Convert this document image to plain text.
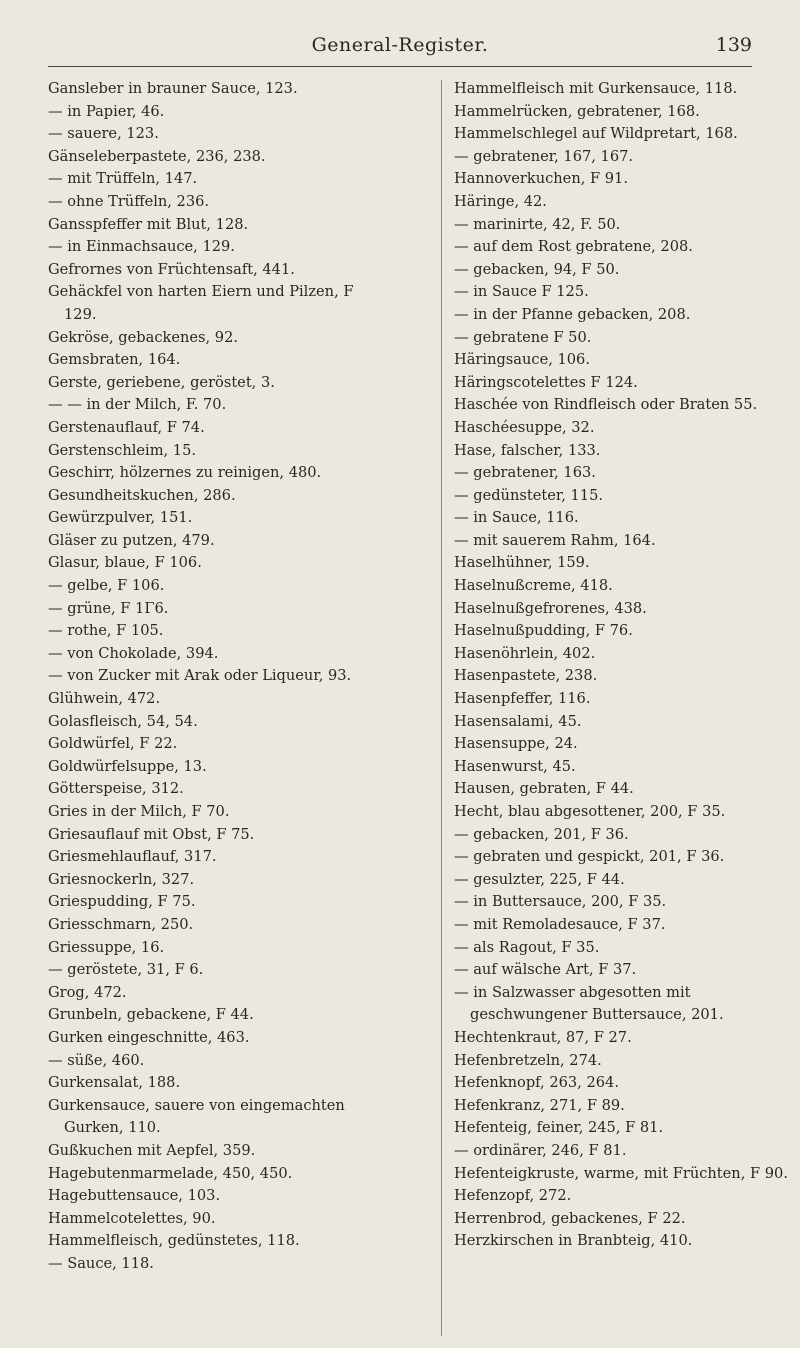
General-Register.	139
Gansleber in brauner Sauce, 123.
— in Papier, 46.
— sauere, 123.
Gänseleberpastete, 236, 238.
— mit Trüffeln, 147.
— ohne Trüffeln, 236.
Gansspfeffer mit Blut, 128.
— in Einmachsauce, 129.
Gefrornes von Früchtensaft, 441.
Gehäckfel von harten Eiern und Pilzen, F 129.
Gekröse, gebackenes, 92.
Gemsbraten, 164.
Gerste, geriebene, geröstet, 3.
— — in der Milch, F. 70.
Gerstenauflauf, F 74.
Gerstenschleim, 15.
Geschirr, hölzernes zu reinigen, 480.
Gesundheitskuchen, 286.
Gewürzpulver, 151.
Gläser zu putzen, 479.
Glasur, blaue, F 106.
— gelbe, F 106.
— grüne, F 1Γ6.
— rothe, F 105.
— von Chokolade, 394.
— von Zucker mit Arak oder Liqueur, 93.
Glühwein, 472.
Golasfleisch, 54, 54.
Goldwürfel, F 22.
Goldwürfelsuppe, 13.
Götterspeise, 312.
Gries in der Milch, F 70.
Griesauflauf mit Obst, F 75.
Griesmehlauflauf, 317.
Griesnockerln, 327.
Griespudding, F 75.
Griesschmarn, 250.
Griessuppe, 16.
— geröstete, 31, F 6.
Grog, 472.
Grunbeln, gebackene, F 44.
Gurken eingeschnitte, 463.
— süße, 460.
Gurkensalat, 188.
Gurkensauce, sauere von eingemachten Gurken, 110.
Gußkuchen mit Aepfel, 359.
Hagebutenmarmelade, 450, 450.
Hagebuttensauce, 103.
Hammelcotelettes, 90.
Hammelfleisch, gedünstetes, 118.
— Sauce, 118.
Hammelfleisch mit Gurkensauce, 118.
Hammelrücken, gebratener, 168.
Hammelschlegel auf Wildpretart, 168.
— gebratener, 167, 167.
Hannoverkuchen, F 91.
Häringe, 42.
— marinirte, 42, F. 50.
— auf dem Rost gebratene, 208.
— gebacken, 94, F 50.
— in Sauce F 125.
— in der Pfanne gebacken, 208.
— gebratene F 50.
Häringsauce, 106.
Häringscotelettes F 124.
Haschée von Rindfleisch oder Braten 55.
Haschéesuppe, 32.
Hase, falscher, 133.
— gebratener, 163.
— gedünsteter, 115.
— in Sauce, 116.
— mit sauerem Rahm, 164.
Haselhühner, 159.
Haselnußcreme, 418.
Haselnußgefrorenes, 438.
Haselnußpudding, F 76.
Hasenöhrlein, 402.
Hasenpastete, 238.
Hasenpfeffer, 116.
Hasensalami, 45.
Hasensuppe, 24.
Hasenwurst, 45.
Hausen, gebraten, F 44.
Hecht, blau abgesottener, 200, F 35.
— gebacken, 201, F 36.
— gebraten und gespickt, 201, F 36.
— gesulzter, 225, F 44.
— in Buttersauce, 200, F 35.
— mit Remoladesauce, F 37.
— als Ragout, F 35.
— auf wälsche Art, F 37.
— in Salzwasser abgesotten mit geschwungener Buttersauce, 201.
Hechtenkraut, 87, F 27.
Hefenbretzeln, 274.
Hefenknopf, 263, 264.
Hefenkranz, 271, F 89.
Hefenteig, feiner, 245, F 81.
— ordinärer, 246, F 81.
Hefenteigkruste, warme, mit Früchten, F 90.
Hefenzopf, 272.
Herrenbrod, gebackenes, F 22.
Herzkirschen in Branbteig, 410.
